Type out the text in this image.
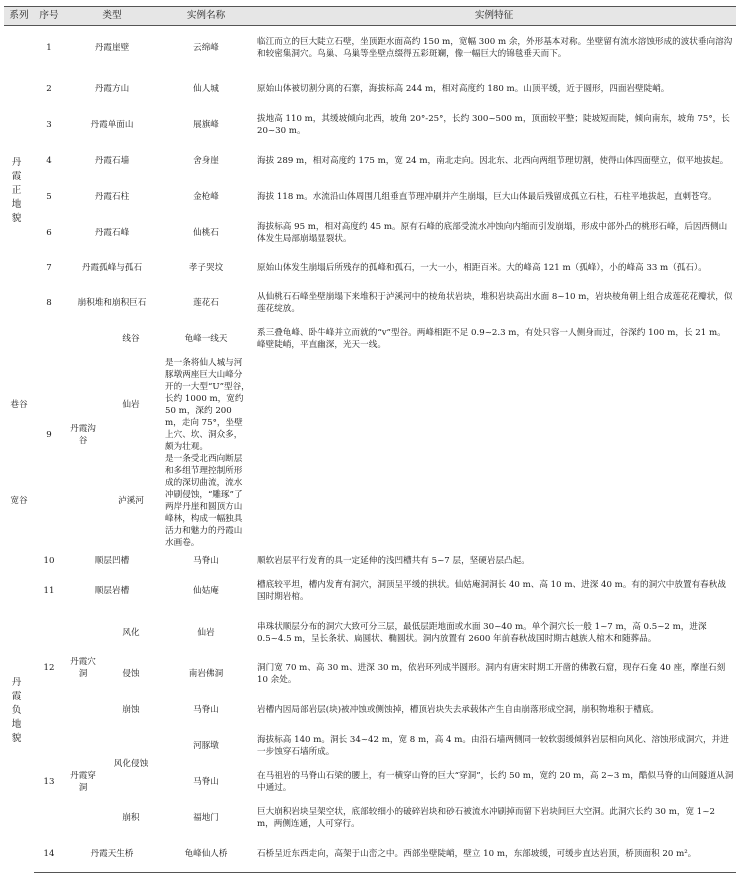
系列	序号	类型		实例名称	实例特征
丹 霞 正 地 貌	1	丹霞崖壁		云绵峰	临江而立的巨大陡立石壁，坐顶距水面高约 150 m，宽幅 300 m 余，外形基本对称。坐壁留有流水溶蚀形成的波状垂向溶沟和较密集洞穴。鸟巢、乌巢等坐壁点缀得五彩斑斓，像一幅巨大的锦毯垂天而下。
	2	丹霞方山		仙人城	原始山体被切割分离的石寨，海拔标高 244 m，相对高度约 180 m。山顶平缓，近于圆形，四面岩壁陡峭。
	3	丹霞单面山		展旗峰	拔地高 110 m，其缓坡倾向北西，坡角 20°-25°，长约 300~500 m，顶面较平整；陡坡短而陡，倾向南东，坡角 75°，长 20~30 m。
	4	丹霞石墙		舍身崖	海拔 289 m，相对高度约 175 m，宽 24 m，南北走向。因北东、北西向两组节理切割，使得山体四面壁立，似平地拔起。
	5	丹霞石柱		金枪峰	海拔 118 m。水流沿山体周围几组垂直节理冲刷并产生崩塌，巨大山体最后残留成孤立石柱，石柱平地拔起，直刺苍穹。
	6	丹霞石峰		仙桃石	海拔标高 95 m，相对高度约 45 m。原有石峰的底部受流水冲蚀向内缩而引发崩塌，形成中部外凸的桃形石峰，后因西侧山体发生局部崩塌显裂状。
	7	丹霞孤峰与孤石		孝子哭坟	原始山体发生崩塌后所残存的孤峰和孤石，一大一小，相距百米。大的峰高 121 m（孤峰），小的峰高 33 m（孤石）。
	8	崩积堆和崩积巨石		莲花石	从仙桃石石峰坐壁崩塌下来堆积于泸溪河中的棱角状岩块，堆积岩块高出水面 8~10 m，岩块棱角朝上组合成莲花花瓣状，似莲花绽放。
	9	丹霞沟谷	线谷	龟峰一线天	系三叠龟峰、卧牛峰并立而就的“v”型谷。两峰相距不足 0.9~2.3 m，有处只容一人侧身而过，谷深约 100 m，长 21 m。峰壁陡峭，平直幽深，光天一线。
巷谷			仙岩	是一条将仙人城与河豚墩两座巨大山峰分开的一大型“U”型谷，长约 1000 m，宽约 50 m，深约 200 m，走向 75°，坐壁上穴、坎、洞众多，颇为壮观。	
宽谷			泸溪河	是一条受北西向断层和多组节理控制所形成的深切曲流，流水冲刷侵蚀，“雕琢”了两岸丹崖和圆顶方山峰林，构成一幅独具活力和魅力的丹霞山水画卷。	
丹 霞 负 地 貌	10	顺层凹槽		马脊山	顺软岩层平行发育的具一定延伸的浅凹槽共有 5~7 层，坚硬岩层凸起。
	11	顺层岩槽		仙姑庵	槽底较平坦，槽内发育有洞穴，洞顶呈平缓的拱状。仙姑庵洞洞长 40 m、高 10 m、进深 40 m。有的洞穴中放置有春秋战国时期岩棺。
	12	丹霞穴洞	风化	仙岩	串珠状顺层分布的洞穴大致可分三层，最低层距地面或水面 30~40 m。单个洞穴长一般 1~7 m，高 0.5~2 m，进深 0.5~4.5 m，呈长条状、扁圆状、椭圆状。洞内放置有 2600 年前春秋战国时期古越族人棺木和随葬品。
			侵蚀	南岩佛洞	洞门宽 70 m、高 30 m、进深 30 m，依岩环列成半圆形。洞内有唐宋时期工开凿的佛教石窟，现存石龛 40 座，摩崖石刻 10 余处。
			崩蚀	马脊山	岩槽内因局部岩层(块)被冲蚀或侧蚀掉，槽顶岩块失去承载体产生自由崩落形成空洞，崩积物堆积于槽底。
	13	丹霞穿洞	风化侵蚀	河豚墩	海拔标高 140 m。洞长 34~42 m，宽 8 m，高 4 m。由沿石墙两侧同一较软弱缓倾斜岩层相向风化、溶蚀形成洞穴，并进一步蚀穿石墙所成。
				马脊山	在马祖岩的马脊山石梁的腰上，有一横穿山脊的巨大“穿洞”，长约 50 m，宽约 20 m，高 2~3 m，酷似马脊的山间隧道从洞中通过。
			崩积	福地门	巨大崩积岩块呈架空状，底部较细小的破碎岩块和砂石被流水冲刷掉而留下岩块间巨大空洞。此洞穴长约 30 m，宽 1~2 m，两侧连通，人可穿行。
	14	丹霞天生桥		龟峰仙人桥	石桥呈近东西走向，高架于山峦之中。西部坐壁陡峭，壁立 10 m，东部坡缓，可缓步直达岩顶，桥顶面积 20 m²。
